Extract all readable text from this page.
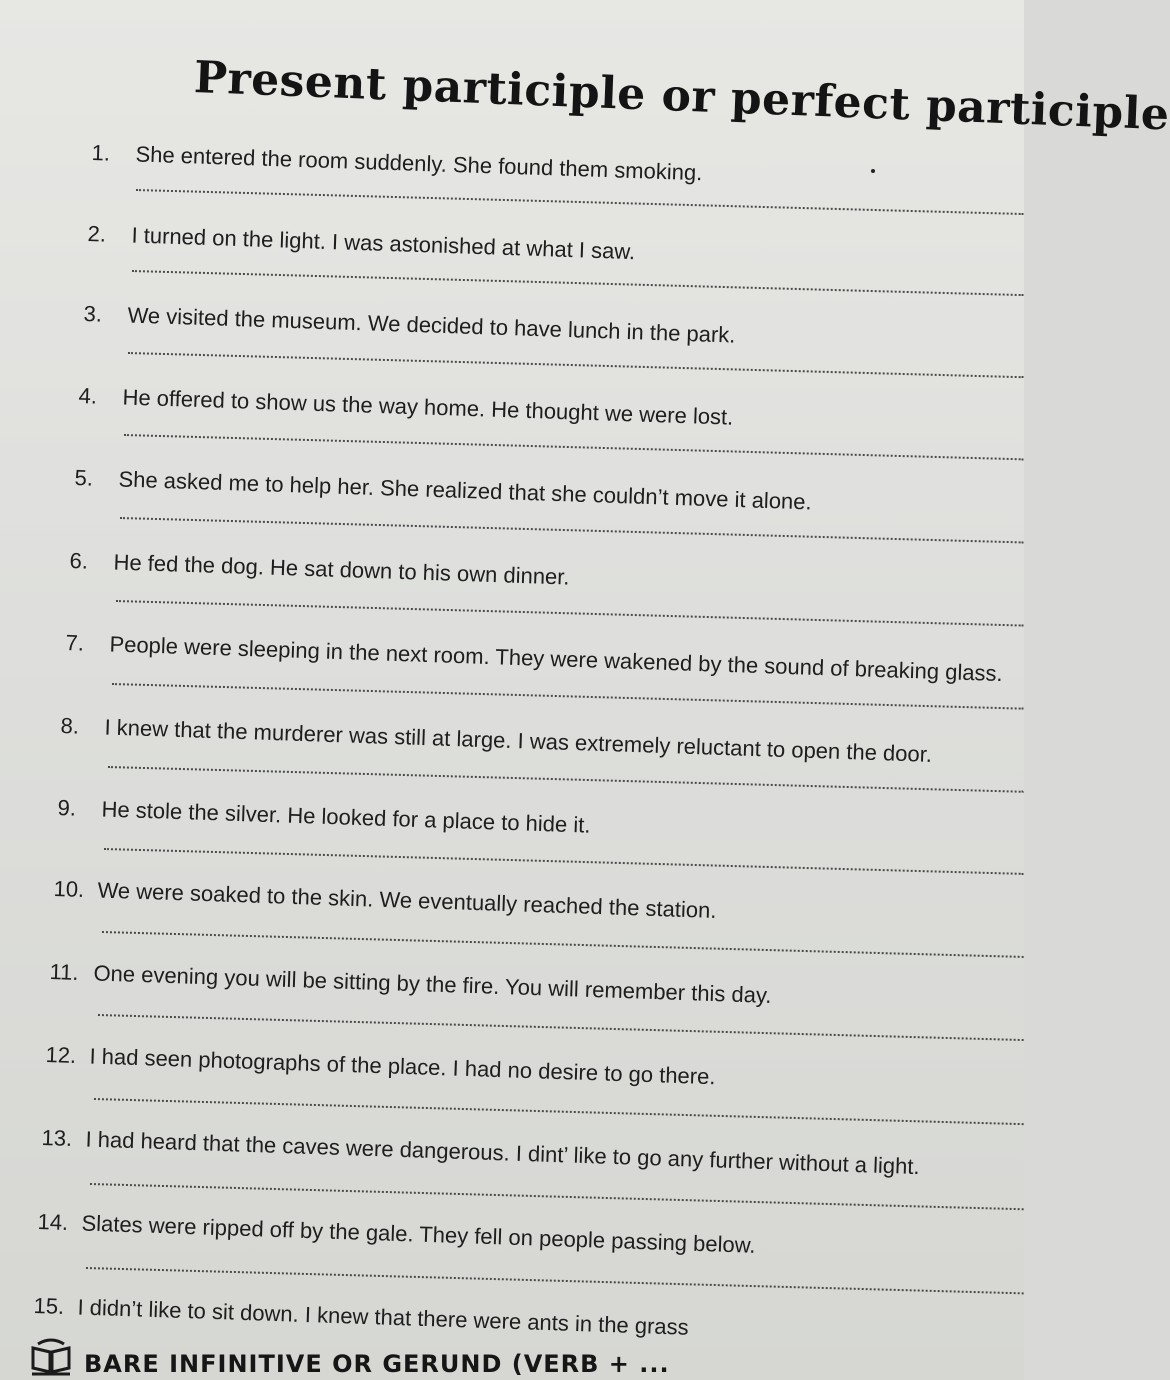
Present participle or perfect participle
1. She entered the room suddenly. She found them smoking.
2. I turned on the light. I was astonished at what I saw.
3. We visited the museum. We decided to have lunch in the park.
4. He offered to show us the way home. He thought we were lost.
5. She asked me to help her. She realized that she couldn’t move it alone.
6. He fed the dog. He sat down to his own dinner.
7. People were sleeping in the next room. They were wakened by the sound of breaking glass.
8. I knew that the murderer was still at large. I was extremely reluctant to open the door.
9. He stole the silver. He looked for a place to hide it.
10. We were soaked to the skin. We eventually reached the station.
11. One evening you will be sitting by the fire. You will remember this day.
12. I had seen photographs of the place. I had no desire to go there.
13. I had heard that the caves were dangerous. I dint’ like to go any further without a light.
14. Slates were ripped off by the gale. They fell on people passing below.
15. I didn’t like to sit down. I knew that there were ants in the grass
BARE INFINITIVE OR GERUND (VERB + ...
